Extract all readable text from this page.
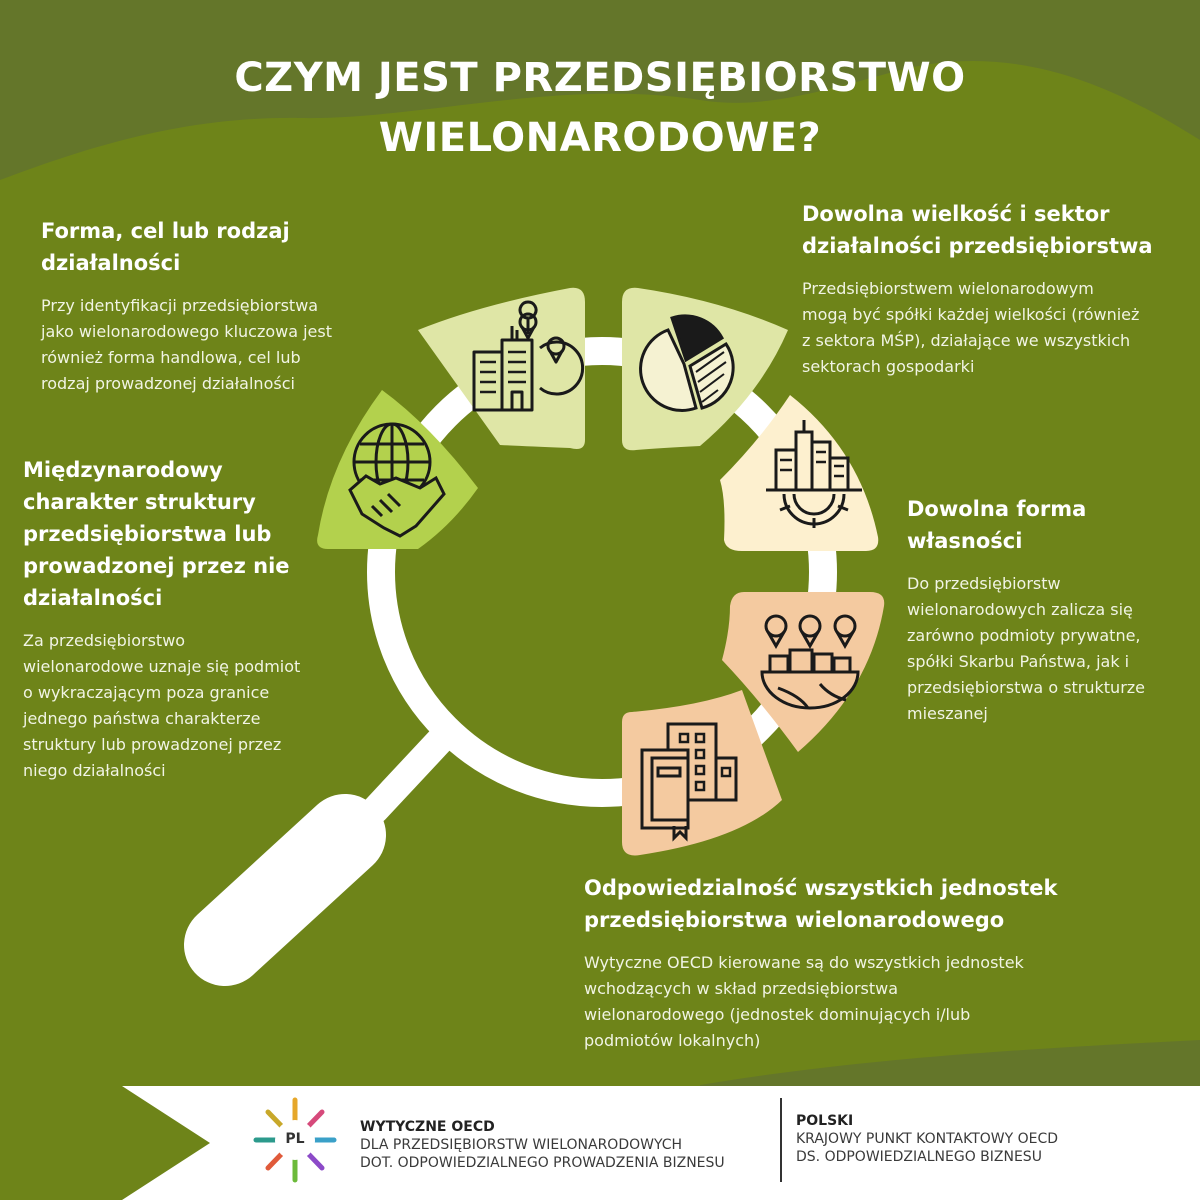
CZYM JEST PRZEDSIĘBIORSTWO
WIELONARODOWE?
Forma, cel lub rodzaj
działalności

Przy identyfikacji przedsiębiorstwa
jako wielonarodowego kluczowa jest
również forma handlowa, cel lub
rodzaj prowadzonej działalności

Dowolna wielkość i sektor
działalności przedsiębiorstwa

Przedsiębiorstwem wielonarodowym
mogą być spółki każdej wielkości (również
z sektora MŚP), działające we wszystkich
sektorach gospodarki

Międzynarodowy
charakter struktury
przedsiębiorstwa lub
prowadzonej przez nie
działalności

Za przedsiębiorstwo
wielonarodowe uznaje się podmiot
o wykraczającym poza granice
jednego państwa charakterze
struktury lub prowadzonej przez
niego działalności

Dowolna forma
własności

Do przedsiębiorstw
wielonarodowych zalicza się
zarówno podmioty prywatne,
spółki Skarbu Państwa, jak i
przedsiębiorstwa o strukturze
mieszanej

Odpowiedzialność wszystkich jednostek
przedsiębiorstwa wielonarodowego

Wytyczne OECD kierowane są do wszystkich jednostek
wchodzących w skład przedsiębiorstwa
wielonarodowego (jednostek dominujących i/lub
podmiotów lokalnych)

PL
WYTYCZNE OECD
DLA PRZEDSIĘBIORSTW WIELONARODOWYCH
DOT. ODPOWIEDZIALNEGO PROWADZENIA BIZNESU
POLSKI
KRAJOWY PUNKT KONTAKTOWY OECD
DS. ODPOWIEDZIALNEGO BIZNESU
